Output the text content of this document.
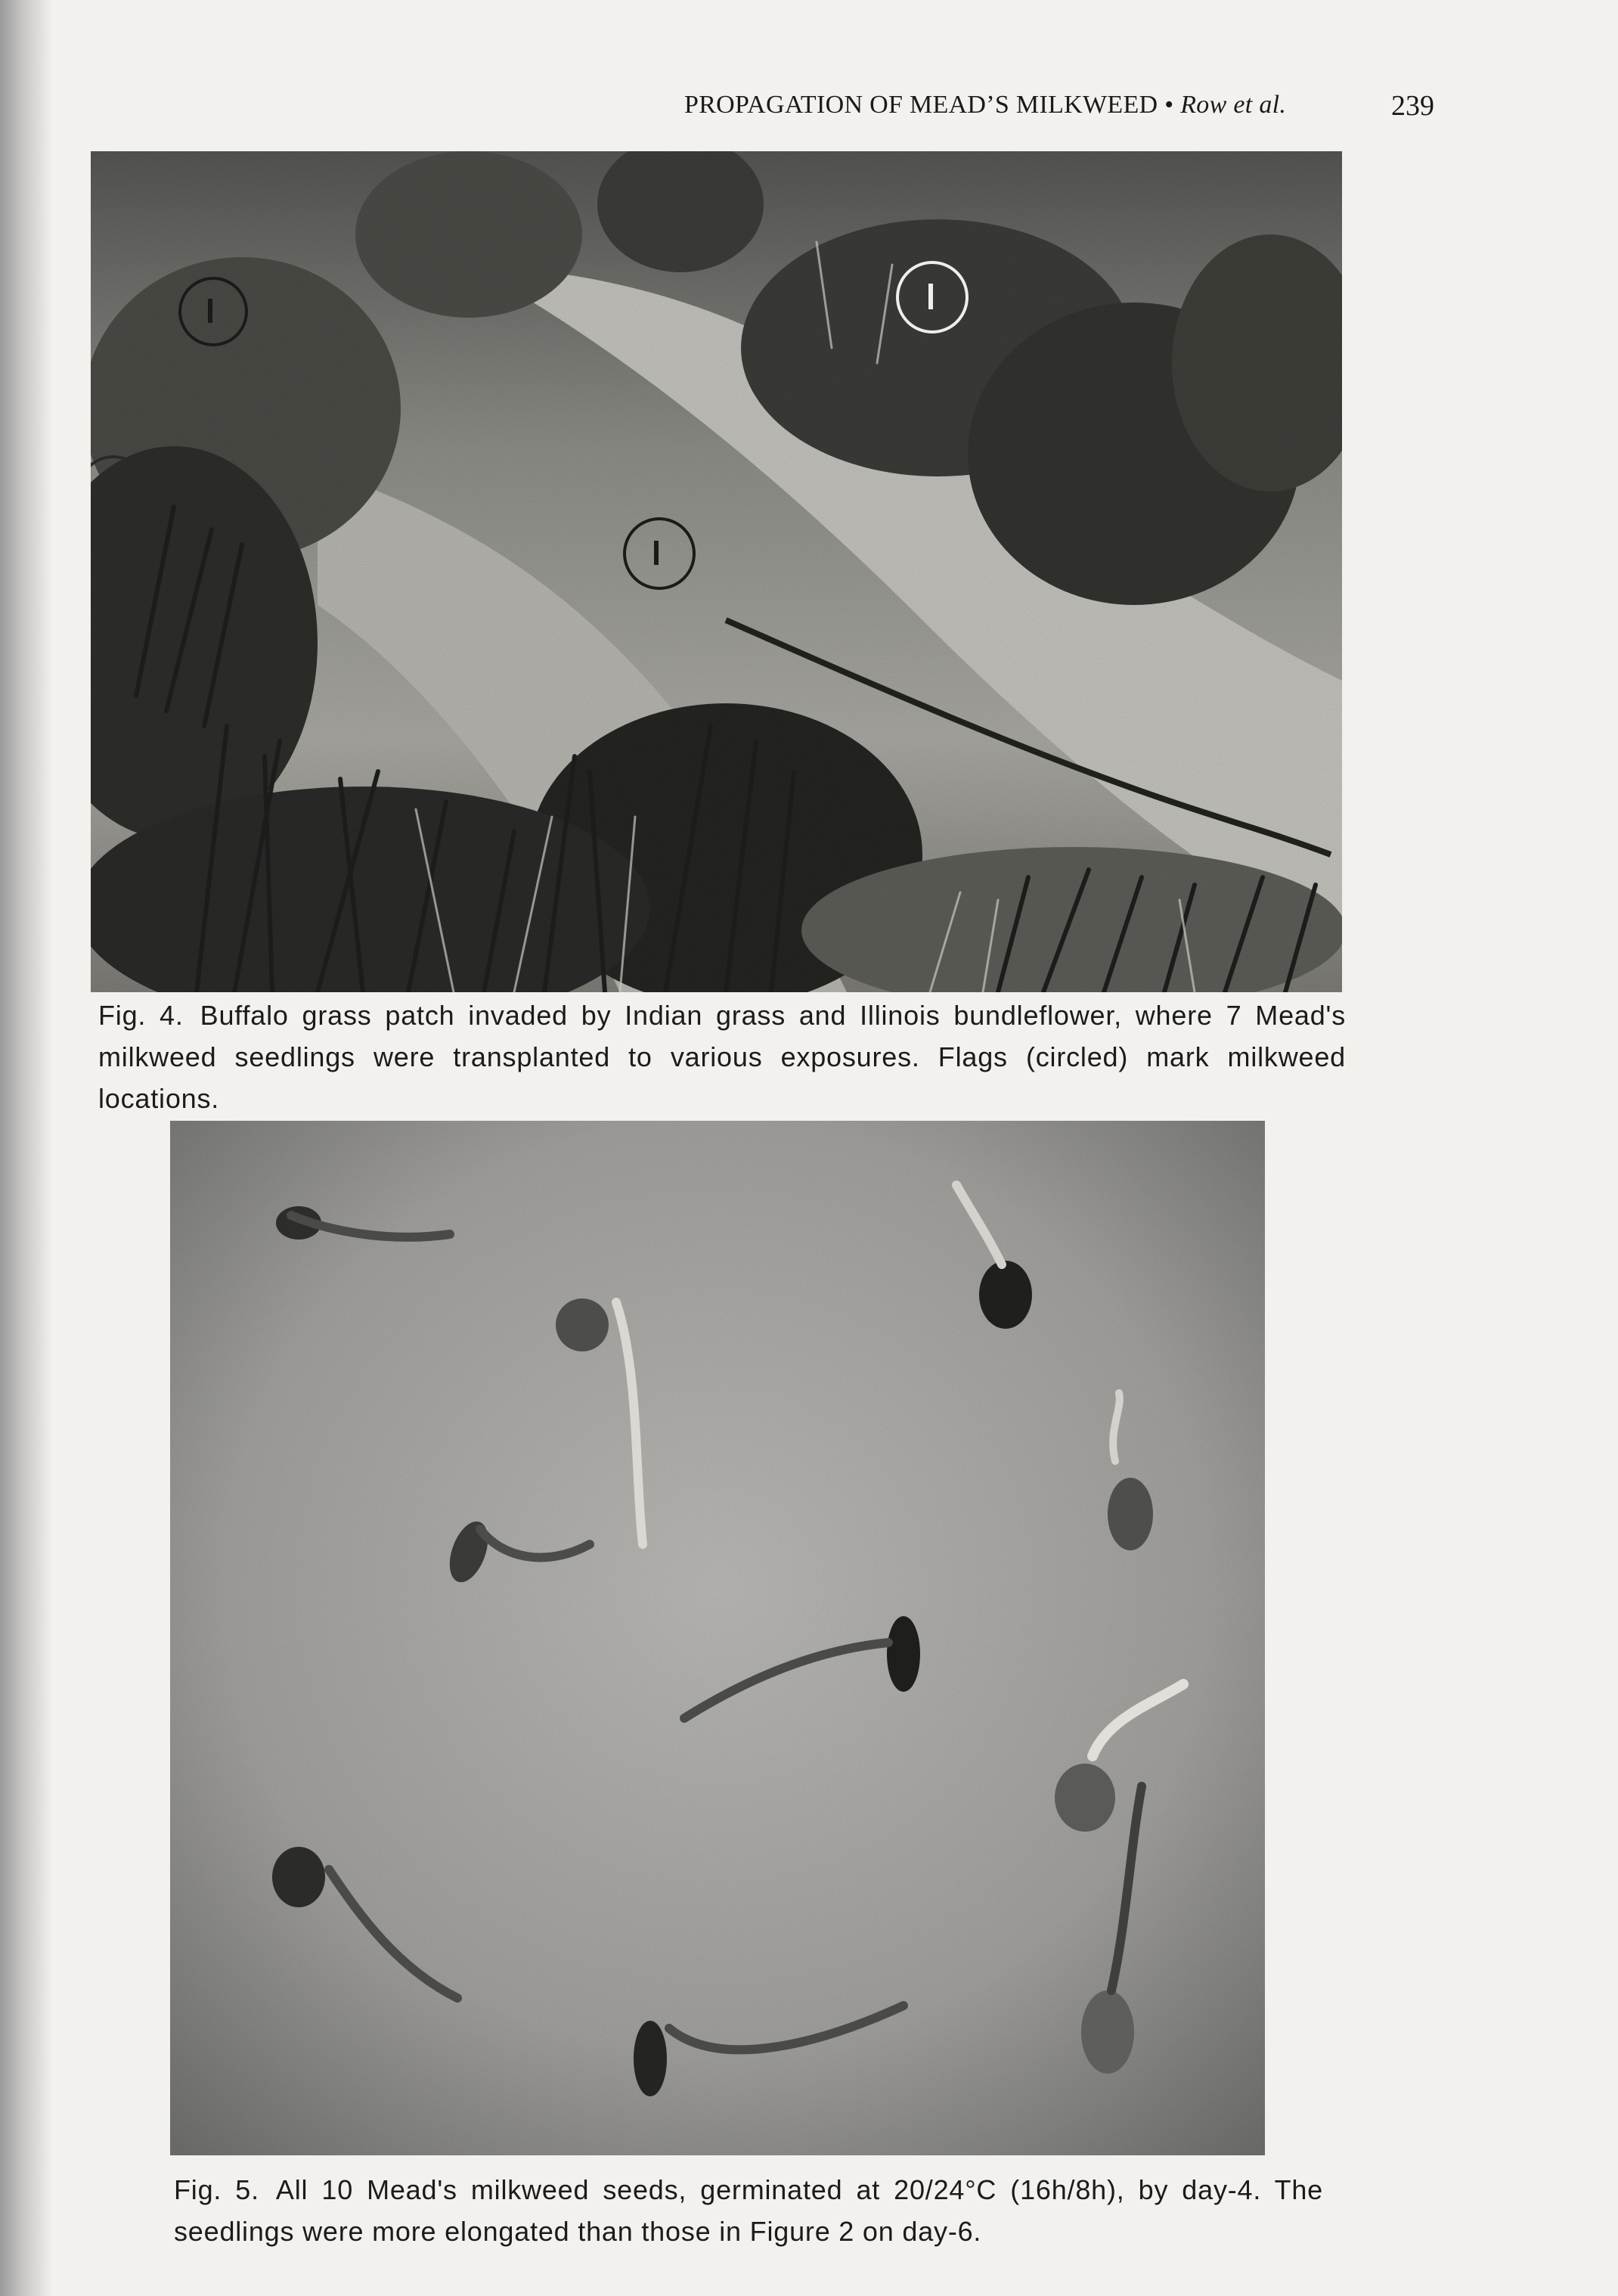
PROPAGATION OF MEAD’S MILKWEED • Row et al.	239
Fig. 4. Buffalo grass patch invaded by Indian grass and Illinois bundleflower, where 7 Mead's milkweed seedlings were transplanted to various exposures. Flags (circled) mark milkweed locations.
Fig. 5. All 10 Mead's milkweed seeds, germinated at 20/24°C (16h/8h), by day-4. The seedlings were more elongated than those in Figure 2 on day-6.
